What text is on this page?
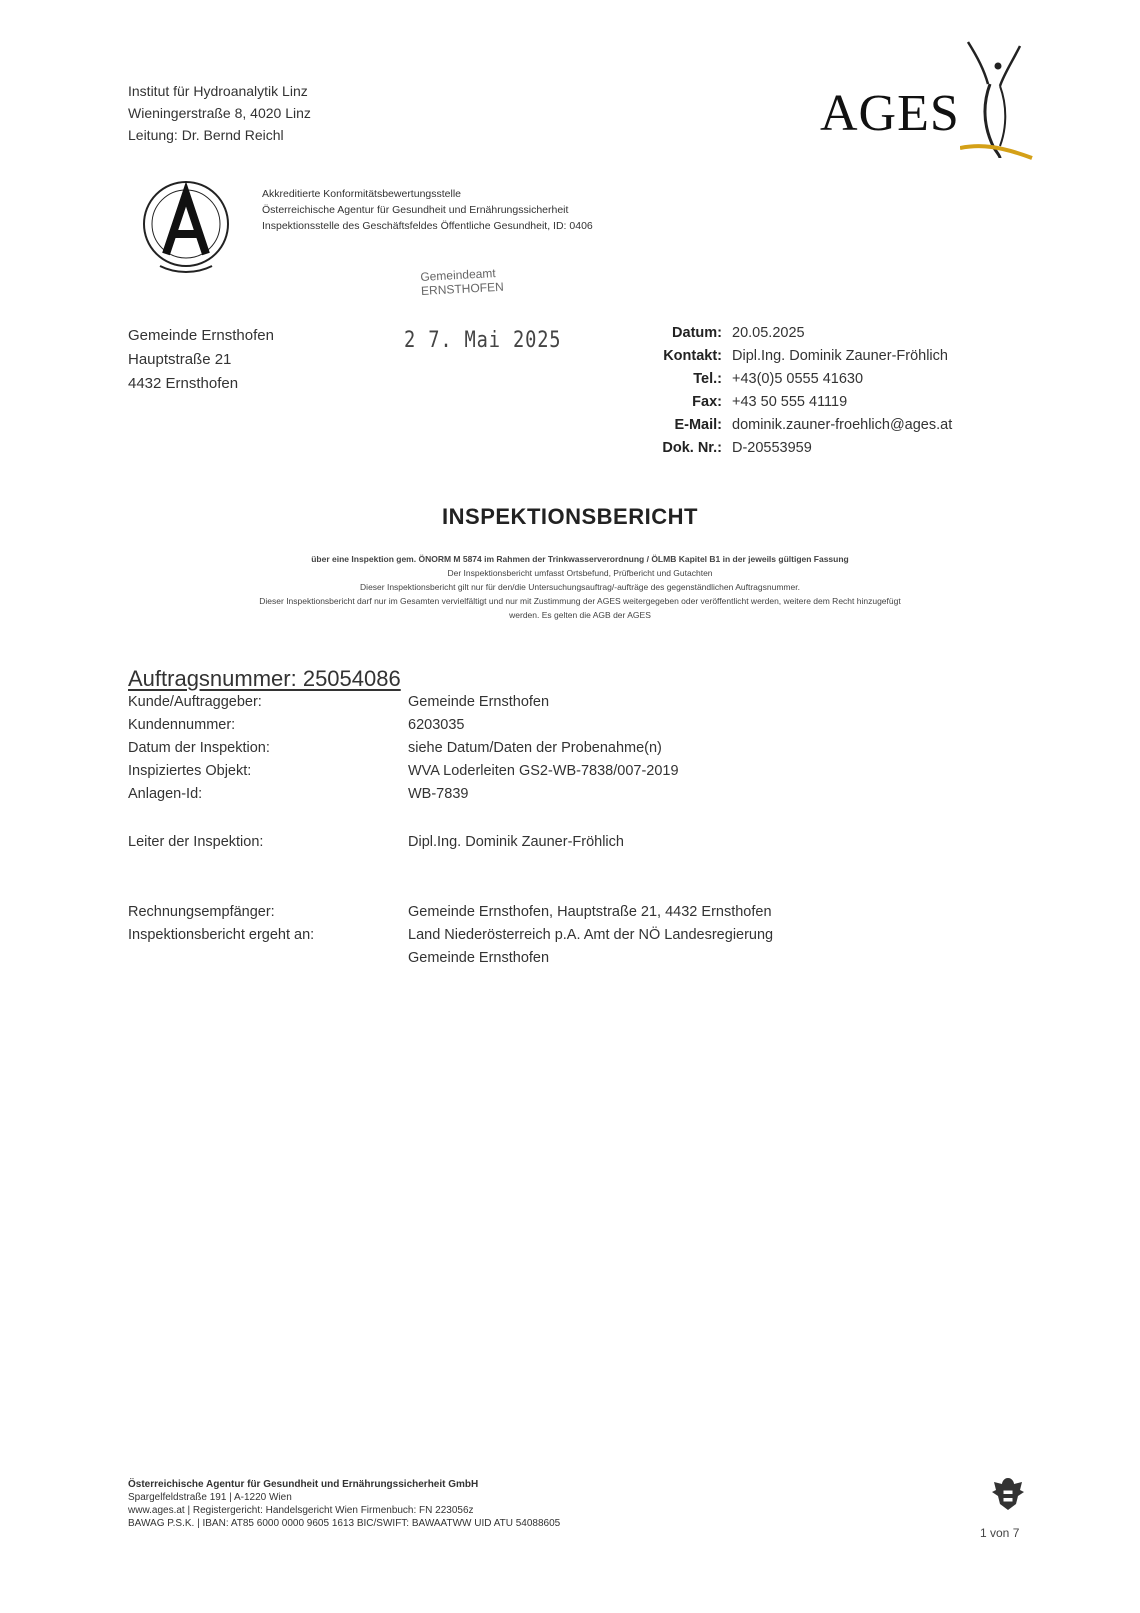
Institut für Hydroanalytik Linz
Wieningerstraße 8, 4020 Linz
Leitung: Dr. Bernd Reichl	AGES
Akkreditierte Konformitätsbewertungsstelle
Österreichische Agentur für Gesundheit und Ernährungssicherheit
Inspektionsstelle des Geschäftsfeldes Öffentliche Gesundheit, ID: 0406
Gemeindeamt
ERNSTHOFEN
2 7. Mai 2025
Gemeinde Ernsthofen
Hauptstraße 21
4432 Ernsthofen
Datum: 20.05.2025
Kontakt: Dipl.Ing. Dominik Zauner-Fröhlich
Tel.: +43(0)5 0555 41630
Fax: +43 50 555 41119
E-Mail: dominik.zauner-froehlich@ages.at
Dok. Nr.: D-20553959
INSPEKTIONSBERICHT
über eine Inspektion gem. ÖNORM M 5874 im Rahmen der Trinkwasserverordnung / ÖLMB Kapitel B1 in der jeweils gültigen Fassung
Der Inspektionsbericht umfasst Ortsbefund, Prüfbericht und Gutachten
Dieser Inspektionsbericht gilt nur für den/die Untersuchungsauftrag/-aufträge des gegenständlichen Auftragsnummer.
Dieser Inspektionsbericht darf nur im Gesamten vervielfältigt und nur mit Zustimmung der AGES weitergegeben oder veröffentlicht werden, weitere dem Recht hinzugefügt
werden. Es gelten die AGB der AGES
Auftragsnummer: 25054086
Kunde/Auftraggeber:	Gemeinde Ernsthofen
Kundennummer:	6203035
Datum der Inspektion:	siehe Datum/Daten der Probenahme(n)
Inspiziertes Objekt:	WVA Loderleiten GS2-WB-7838/007-2019
Anlagen-Id:	WB-7839
Leiter der Inspektion:	Dipl.Ing. Dominik Zauner-Fröhlich
Rechnungsempfänger:	Gemeinde Ernsthofen, Hauptstraße 21, 4432 Ernsthofen
Inspektionsbericht ergeht an:	Land Niederösterreich p.A. Amt der NÖ Landesregierung
Gemeinde Ernsthofen
Österreichische Agentur für Gesundheit und Ernährungssicherheit GmbH
Spargelfeldstraße 191 | A-1220 Wien
www.ages.at | Registergericht: Handelsgericht Wien Firmenbuch: FN 223056z
BAWAG P.S.K. | IBAN: AT85 6000 0000 9605 1613 BIC/SWIFT: BAWAATWW UID ATU 54088605
1 von 7
